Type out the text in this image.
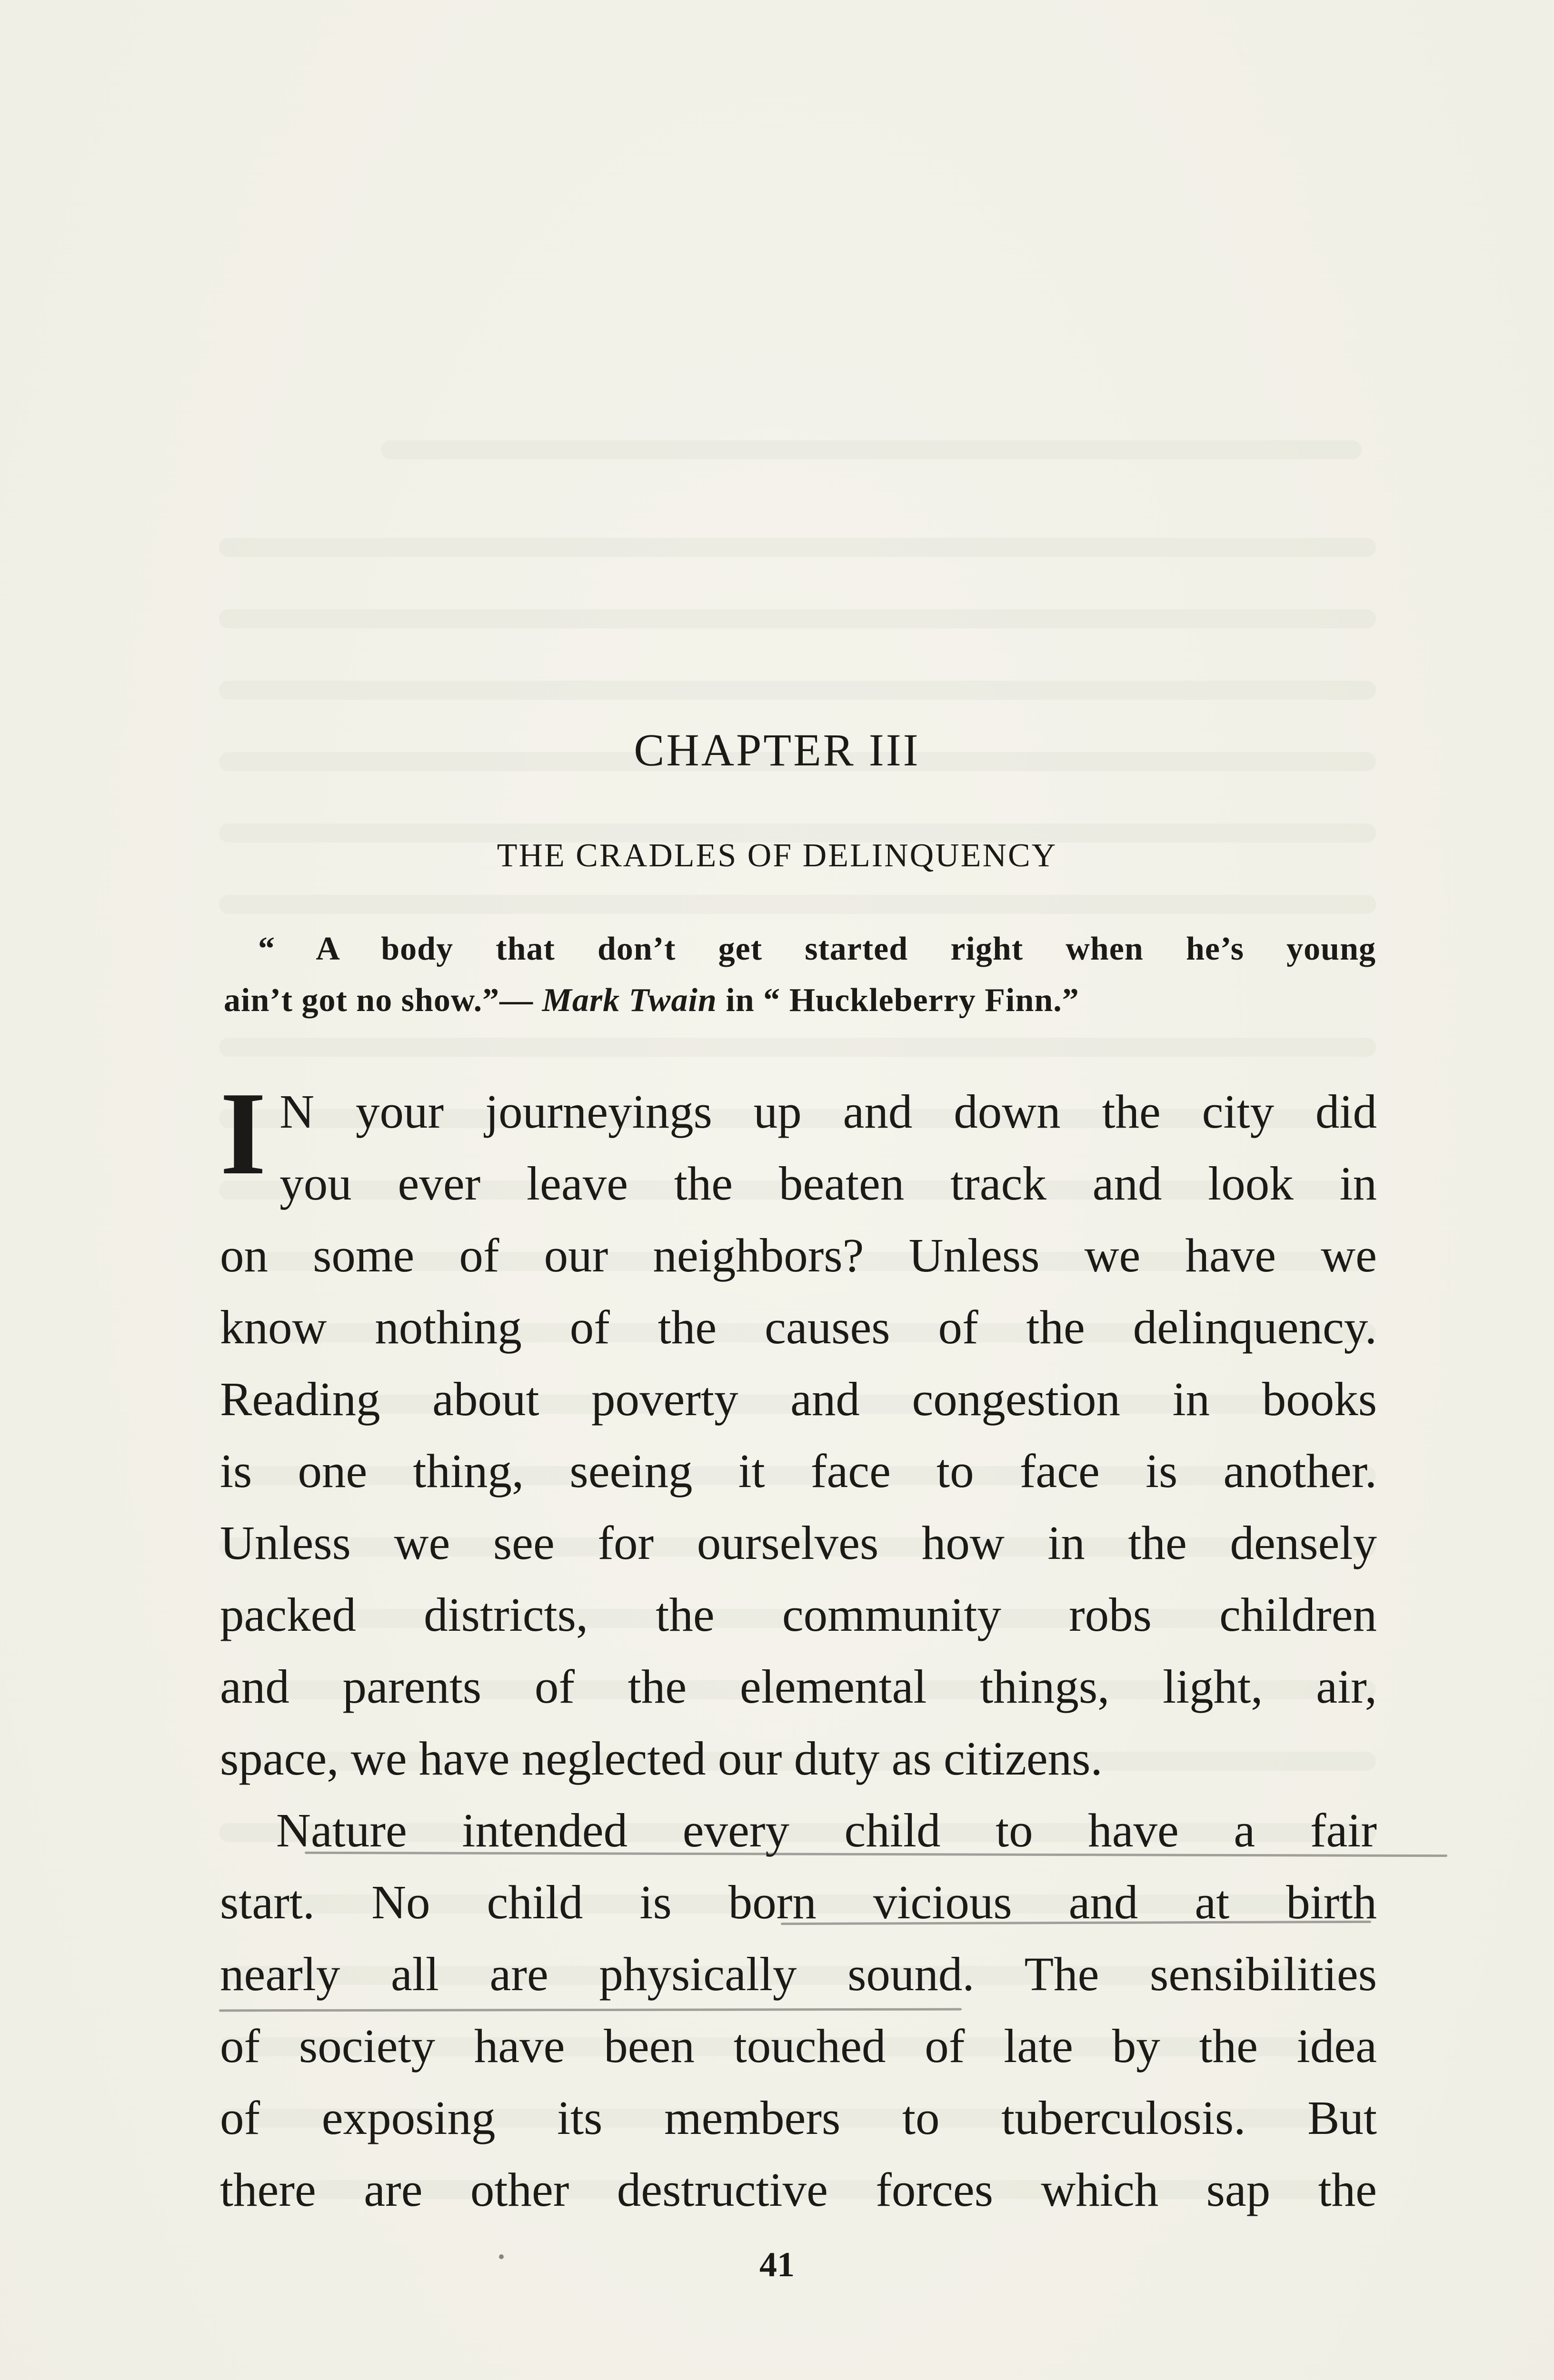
CHAPTER III
THE CRADLES OF DELINQUENCY
“ A body that don’t get started right when he’s young
ain’t got no show.”— Mark Twain in “ Huckleberry Finn.”
I N your journeyings up and down the city did
you ever leave the beaten track and look in
on some of our neighbors? Unless we have we
know nothing of the causes of the delinquency.
Reading about poverty and congestion in books
is one thing, seeing it face to face is another.
Unless we see for ourselves how in the densely
packed districts, the community robs children
and parents of the elemental things, light, air,
space, we have neglected our duty as citizens.
Nature intended every child to have a fair
start. No child is born vicious and at birth
nearly all are physically sound. The sensibilities
of society have been touched of late by the idea
of exposing its members to tuberculosis. But
there are other destructive forces which sap the
41
